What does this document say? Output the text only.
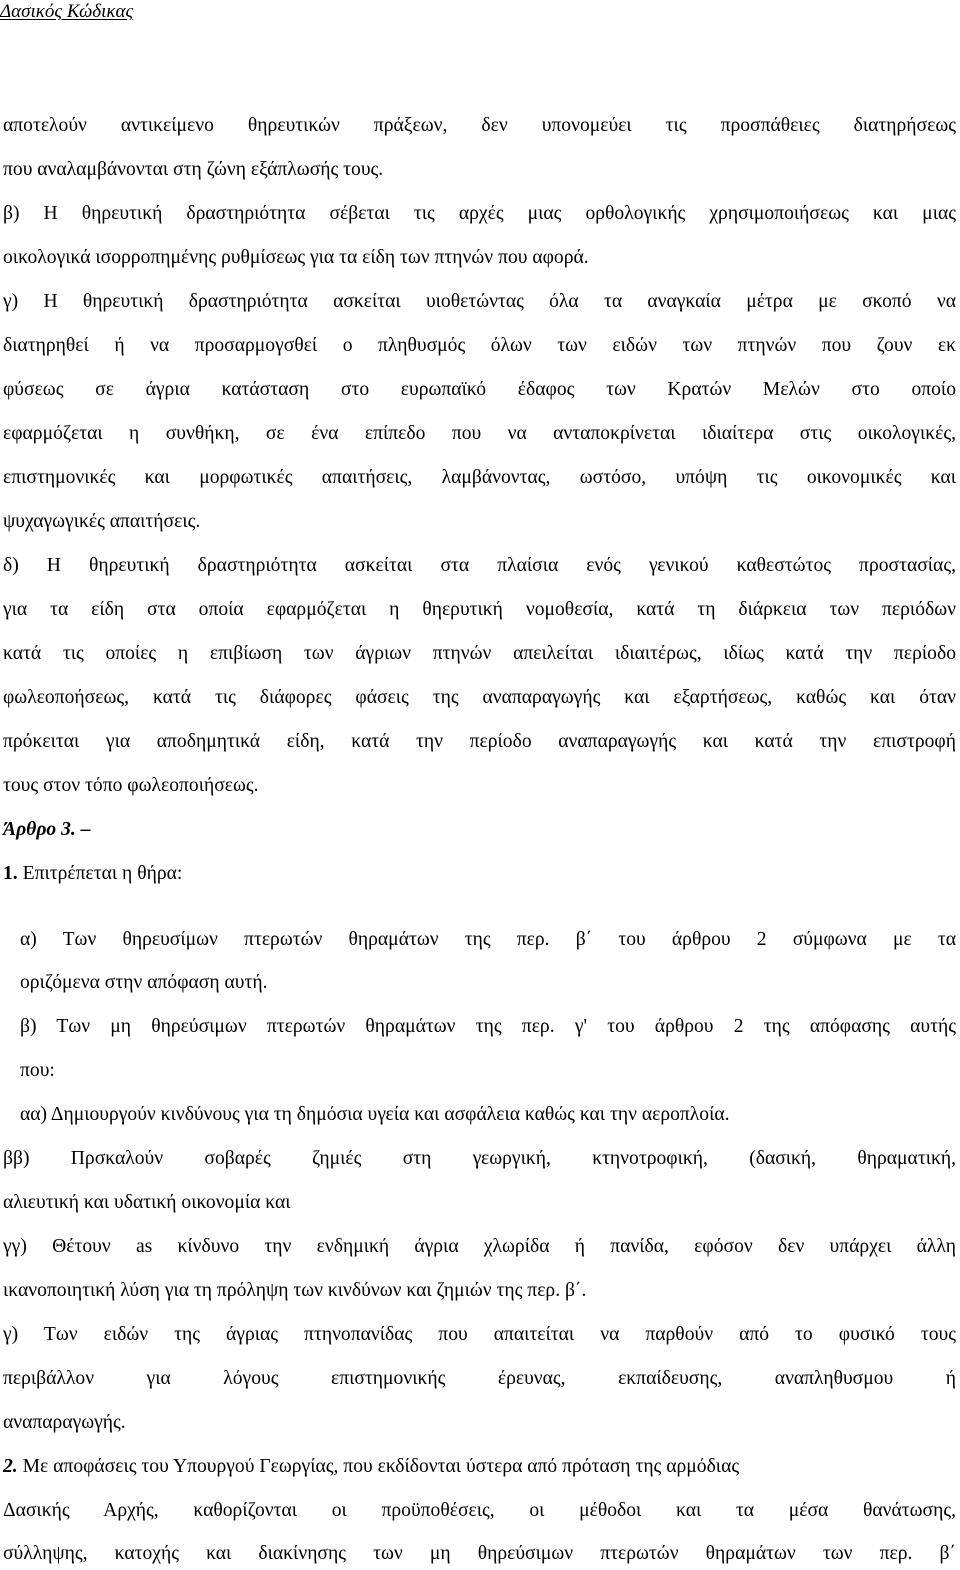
Δασικός Κώδικας
αποτελούν αντικείμενο θηρευτικών πράξεων, δεν υπονομεύει τις προσπάθειες διατηρήσεως
που αναλαμβάνονται στη ζώνη εξάπλωσής τους.
β) Η θηρευτική δραστηριότητα σέβεται τις αρχές μιας ορθολογικής χρησιμοποιήσεως και μιας
οικολογικά ισορροπημένης ρυθμίσεως για τα είδη των πτηνών που αφορά.
γ) Η θηρευτική δραστηριότητα ασκείται υιοθετώντας όλα τα αναγκαία μέτρα με σκοπό να
διατηρηθεί ή να προσαρμογσθεί ο πληθυσμός όλων των ειδών των πτηνών που ζουν εκ
φύσεως σε άγρια κατάσταση στο ευρωπαϊκό έδαφος των Κρατών Μελών στο οποίο
εφαρμόζεται η συνθήκη, σε ένα επίπεδο που να ανταποκρίνεται ιδιαίτερα στις οικολογικές,
επιστημονικές και μορφωτικές απαιτήσεις, λαμβάνοντας, ωστόσο, υπόψη τις οικονομικές και
ψυχαγωγικές απαιτήσεις.
δ) Η θηρευτική δραστηριότητα ασκείται στα πλαίσια ενός γενικού καθεστώτος προστασίας,
για τα είδη στα οποία εφαρμόζεται η θηερυτική νομοθεσία, κατά τη διάρκεια των περιόδων
κατά τις οποίες η επιβίωση των άγριων πτηνών απειλείται ιδιαιτέρως, ιδίως κατά την περίοδο
φωλεοποήσεως, κατά τις διάφορες φάσεις της αναπαραγωγής και εξαρτήσεως, καθώς και όταν
πρόκειται για αποδημητικά είδη, κατά την περίοδο αναπαραγωγής και κατά την επιστροφή
τους στον τόπο φωλεοποιήσεως.
Άρθρο 3. –
1. Επιτρέπεται η θήρα:
α) Των θηρευσίμων πτερωτών θηραμάτων της περ. β΄ του άρθρου 2 σύμφωνα με τα
οριζόμενα στην απόφαση αυτή.
β) Των μη θηρεύσιμων πτερωτών θηραμάτων της περ. γ' του άρθρου 2 της απόφασης αυτής
που:
αα) Δημιουργούν κινδύνους για τη δημόσια υγεία και ασφάλεια καθώς και την αεροπλοία.
ββ) Πρσκαλούν σοβαρές ζημιές στη γεωργική, κτηνοτροφική, (δασική, θηραματική,
αλιευτική και υδατική οικονομία και
γγ) Θέτουν as κίνδυνο την ενδημική άγρια χλωρίδα ή πανίδα, εφόσον δεν υπάρχει άλλη
ικανοποιητική λύση για τη πρόληψη των κινδύνων και ζημιών της περ. β΄.
γ) Των ειδών της άγριας πτηνοπανίδας που απαιτείται να παρθούν από το φυσικό τους
περιβάλλον για λόγους επιστημονικής έρευνας, εκπαίδευσης, αναπληθυσμου ή
αναπαραγωγής.
2. Με αποφάσεις του Υπουργού Γεωργίας, που εκδίδονται ύστερα από πρόταση της αρμόδιας
Δασικής Αρχής, καθορίζονται οι προϋποθέσεις, οι μέθοδοι και τα μέσα θανάτωσης,
σύλληψης, κατοχής και διακίνησης των μη θηρεύσιμων πτερωτών θηραμάτων των περ. β΄
